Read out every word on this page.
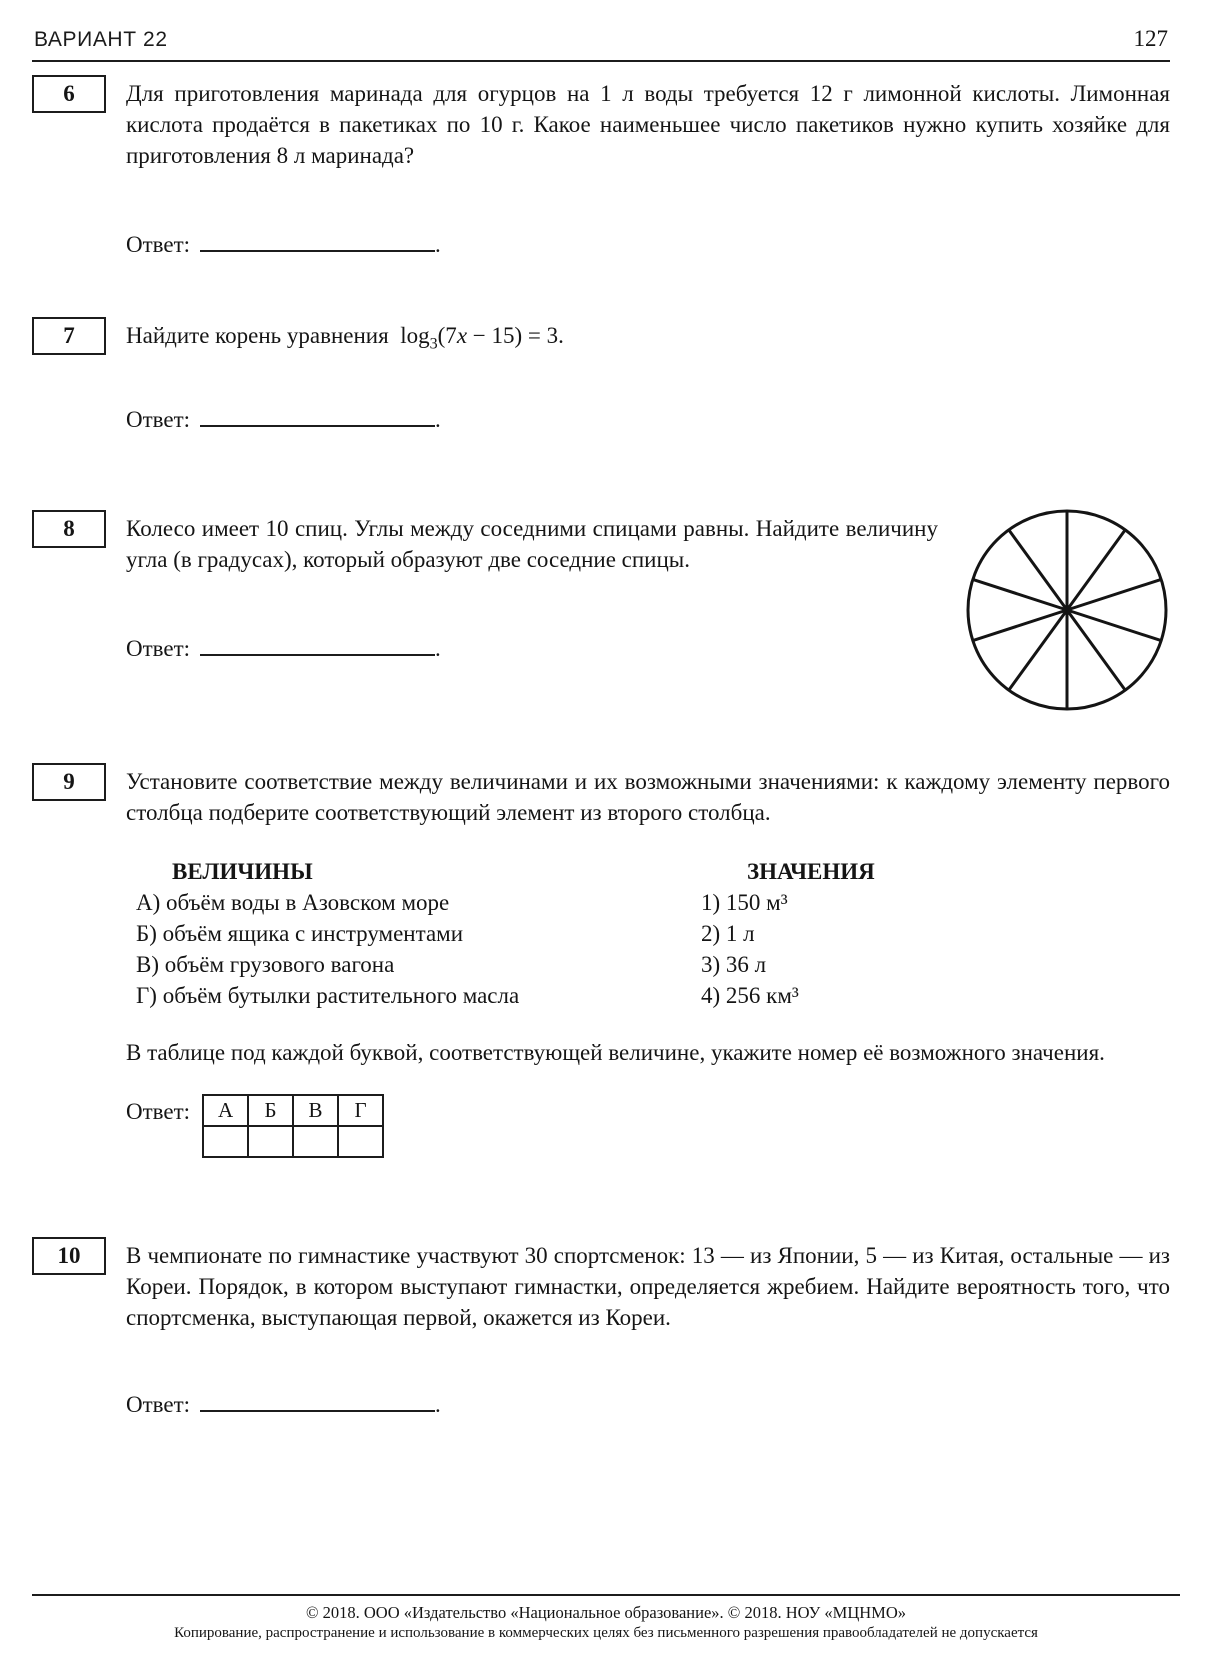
ВАРИАНТ 22	127
6	Для приготовления маринада для огурцов на 1 л воды требуется 12 г лимонной кислоты. Лимонная кислота продаётся в пакетиках по 10 г. Какое наименьшее число пакетиков нужно купить хозяйке для приготовления 8 л маринада?
Ответ:	.
7	Найдите корень уравнения $\log_3(7x - 15) = 3$.
Ответ:	.
8	Колесо имеет 10 спиц. Углы между соседними спицами равны. Найдите величину угла (в градусах), который образуют две соседние спицы.
Ответ:	.
9	Установите соответствие между величинами и их возможными значениями: к каждому элементу первого столбца подберите соответствующий элемент из второго столбца.
ВЕЛИЧИНЫ	ЗНАЧЕНИЯ
А) объём воды в Азовском море	1) 150 м³
Б) объём ящика с инструментами	2) 1 л
В) объём грузового вагона	3) 36 л
Г) объём бутылки растительного масла	4) 256 км³
В таблице под каждой буквой, соответствующей величине, укажите номер её возможного значения.
Ответ: А	Б	В	Г

10	В чемпионате по гимнастике участвуют 30 спортсменок: 13 — из Японии, 5 — из Китая, остальные — из Кореи. Порядок, в котором выступают гимнастки, определяется жребием. Найдите вероятность того, что спортсменка, выступающая первой, окажется из Кореи.
Ответ:	.
© 2018. ООО «Издательство «Национальное образование». © 2018. НОУ «МЦНМО»
Копирование, распространение и использование в коммерческих целях без письменного разрешения правообладателей не допускается
